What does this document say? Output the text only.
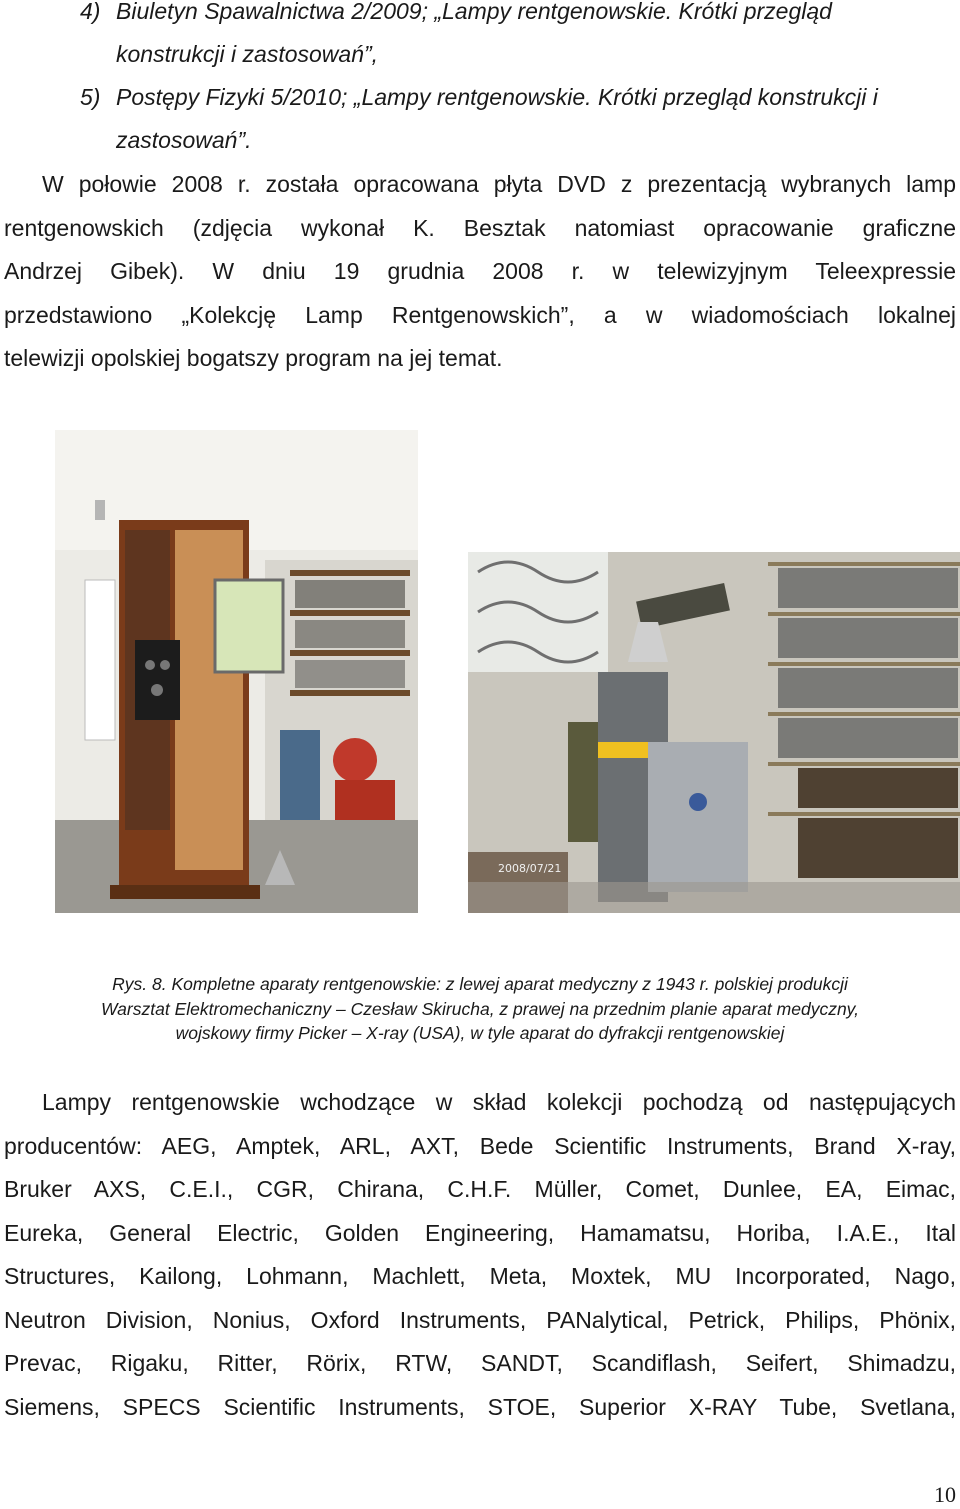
4) Biuletyn Spawalnictwa 2/2009; „Lampy rentgenowskie. Krótki przegląd
konstrukcji i zastosowań”,
5) Postępy Fizyki 5/2010; „Lampy rentgenowskie. Krótki przegląd konstrukcji i
zastosowań”.
W połowie 2008 r. została opracowana płyta DVD z prezentacją wybranych lamp
rentgenowskich (zdjęcia wykonał K. Besztak natomiast opracowanie graficzne
Andrzej Gibek). W dniu 19 grudnia 2008 r. w telewizyjnym Teleexpressie
przedstawiono „Kolekcję Lamp Rentgenowskich”, a w wiadomościach lokalnej
telewizji opolskiej bogatszy program na jej temat.
2008/07/21
Rys. 8. Kompletne aparaty rentgenowskie: z lewej aparat medyczny z 1943 r. polskiej produkcji
Warsztat Elektromechaniczny – Czesław Skirucha, z prawej na przednim planie aparat medyczny,
wojskowy firmy Picker – X-ray (USA), w tyle aparat do dyfrakcji rentgenowskiej
Lampy rentgenowskie wchodzące w skład kolekcji pochodzą od następujących
producentów: AEG, Amptek, ARL, AXT, Bede Scientific Instruments, Brand X-ray,
Bruker AXS, C.E.I., CGR, Chirana, C.H.F. Müller, Comet, Dunlee, EA, Eimac,
Eureka, General Electric, Golden Engineering, Hamamatsu, Horiba, I.A.E., Ital
Structures, Kailong, Lohmann, Machlett, Meta, Moxtek, MU Incorporated, Nago,
Neutron Division, Nonius, Oxford Instruments, PANalytical, Petrick, Philips, Phönix,
Prevac, Rigaku, Ritter, Rörix, RTW, SANDT, Scandiflash, Seifert, Shimadzu,
Siemens, SPECS Scientific Instruments, STOE, Superior X-RAY Tube, Svetlana,
10
